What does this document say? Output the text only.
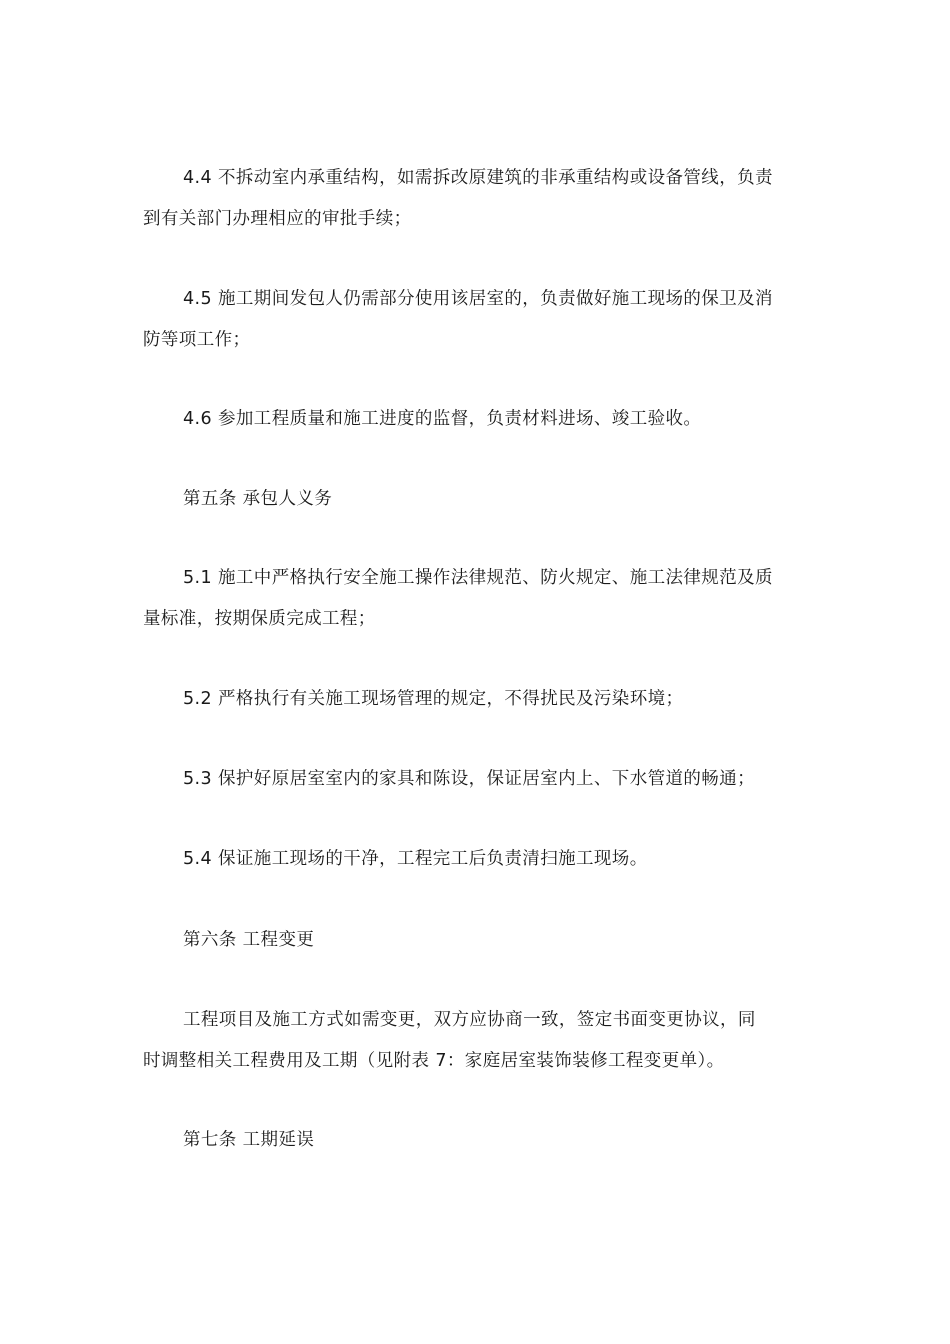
4.4 不拆动室内承重结构，如需拆改原建筑的非承重结构或设备管线，负责
到有关部门办理相应的审批手续；

4.5 施工期间发包人仍需部分使用该居室的，负责做好施工现场的保卫及消
防等项工作；

4.6 参加工程质量和施工进度的监督，负责材料进场、竣工验收。

第五条 承包人义务

5.1 施工中严格执行安全施工操作法律规范、防火规定、施工法律规范及质
量标准，按期保质完成工程；

5.2 严格执行有关施工现场管理的规定，不得扰民及污染环境；

5.3 保护好原居室室内的家具和陈设，保证居室内上、下水管道的畅通；

5.4 保证施工现场的干净，工程完工后负责清扫施工现场。

第六条 工程变更

工程项目及施工方式如需变更，双方应协商一致，签定书面变更协议，同
时调整相关工程费用及工期（见附表 7：家庭居室装饰装修工程变更单）。

第七条 工期延误
